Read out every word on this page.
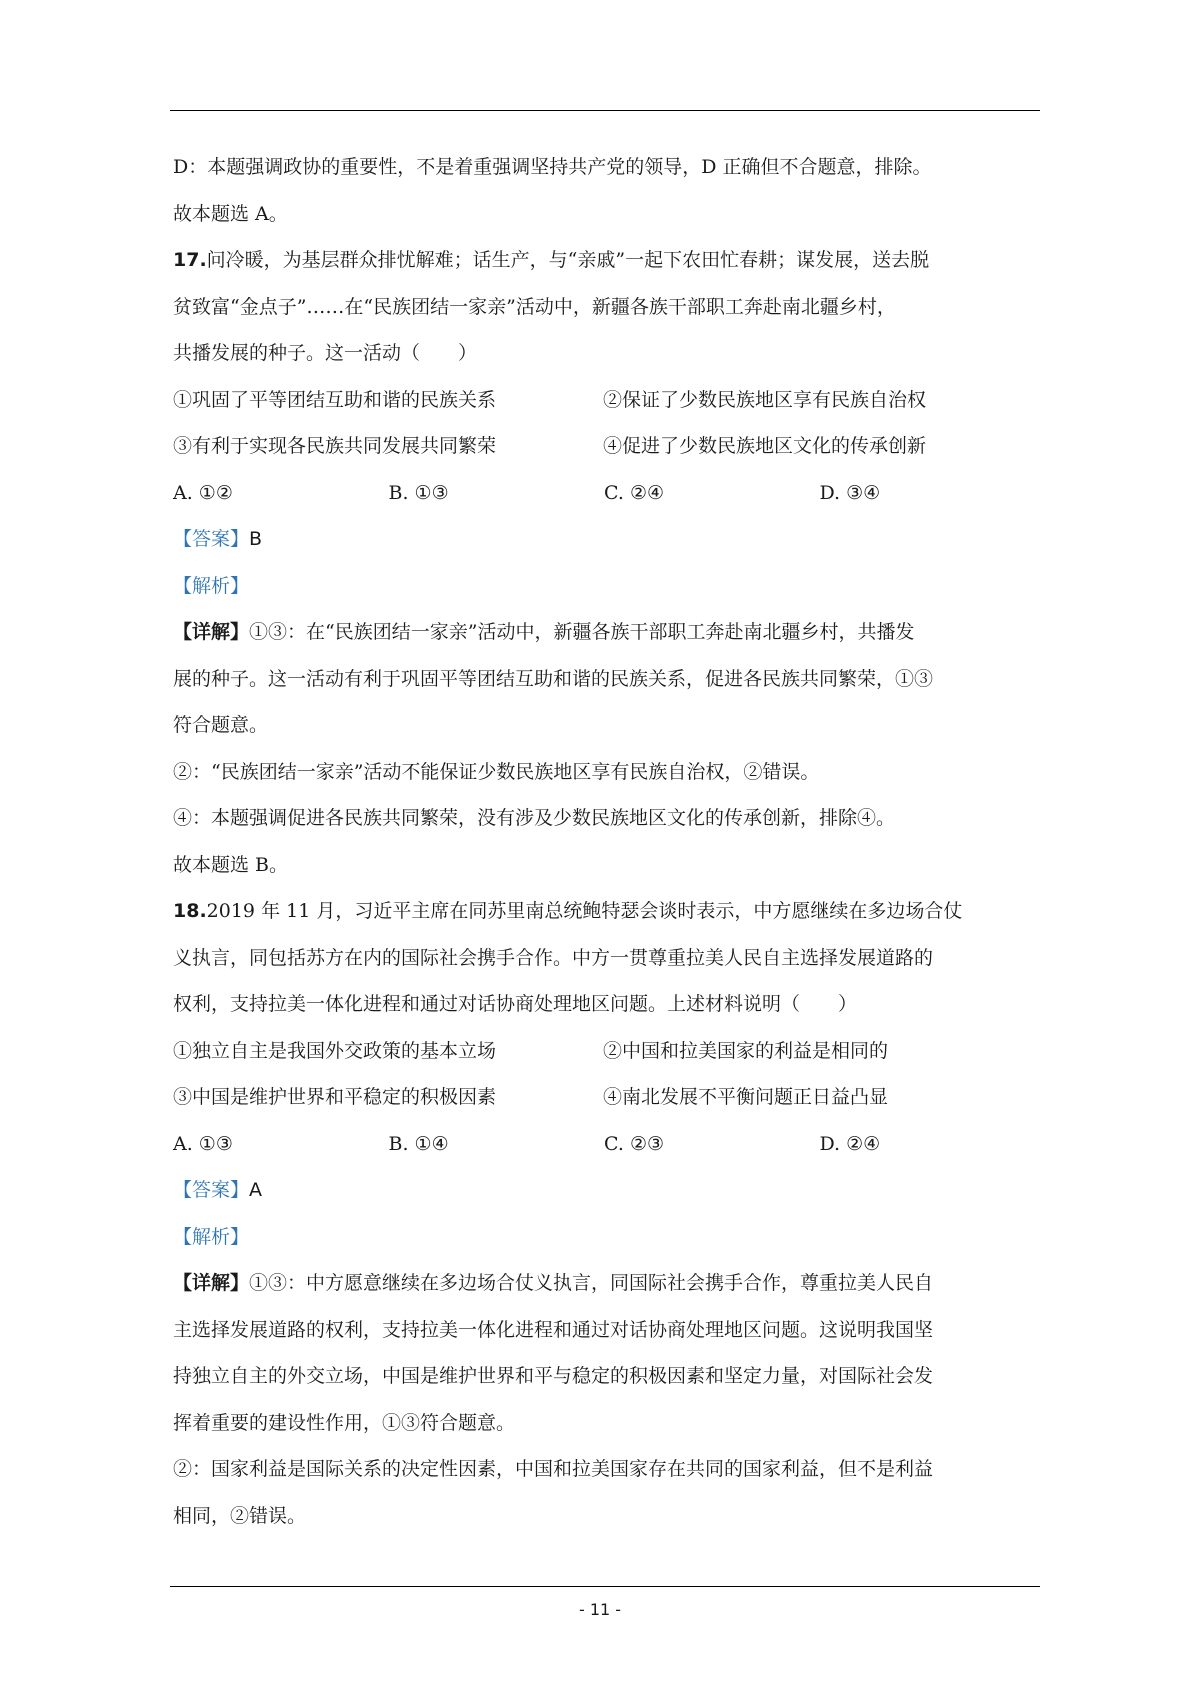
D：本题强调政协的重要性，不是着重强调坚持共产党的领导，D 正确但不合题意，排除。
故本题选 A。
17.问冷暖，为基层群众排忧解难；话生产，与“亲戚”一起下农田忙春耕；谋发展，送去脱
贫致富“金点子”……在“民族团结一家亲”活动中，新疆各族干部职工奔赴南北疆乡村，
共播发展的种子。这一活动（　　）
①巩固了平等团结互助和谐的民族关系	②保证了少数民族地区享有民族自治权
③有利于实现各民族共同发展共同繁荣	④促进了少数民族地区文化的传承创新
A. ①②	B. ①③	C. ②④	D. ③④
【答案】B
【解析】
【详解】①③：在“民族团结一家亲”活动中，新疆各族干部职工奔赴南北疆乡村，共播发
展的种子。这一活动有利于巩固平等团结互助和谐的民族关系，促进各民族共同繁荣，①③
符合题意。
②：“民族团结一家亲”活动不能保证少数民族地区享有民族自治权，②错误。
④：本题强调促进各民族共同繁荣，没有涉及少数民族地区文化的传承创新，排除④。
故本题选 B。
18.2019 年 11 月，习近平主席在同苏里南总统鲍特瑟会谈时表示，中方愿继续在多边场合仗
义执言，同包括苏方在内的国际社会携手合作。中方一贯尊重拉美人民自主选择发展道路的
权利，支持拉美一体化进程和通过对话协商处理地区问题。上述材料说明（　　）
①独立自主是我国外交政策的基本立场	②中国和拉美国家的利益是相同的
③中国是维护世界和平稳定的积极因素	④南北发展不平衡问题正日益凸显
A. ①③	B. ①④	C. ②③	D. ②④
【答案】A
【解析】
【详解】①③：中方愿意继续在多边场合仗义执言，同国际社会携手合作，尊重拉美人民自
主选择发展道路的权利，支持拉美一体化进程和通过对话协商处理地区问题。这说明我国坚
持独立自主的外交立场，中国是维护世界和平与稳定的积极因素和坚定力量，对国际社会发
挥着重要的建设性作用，①③符合题意。
②：国家利益是国际关系的决定性因素，中国和拉美国家存在共同的国家利益，但不是利益
相同，②错误。
- 11 -
